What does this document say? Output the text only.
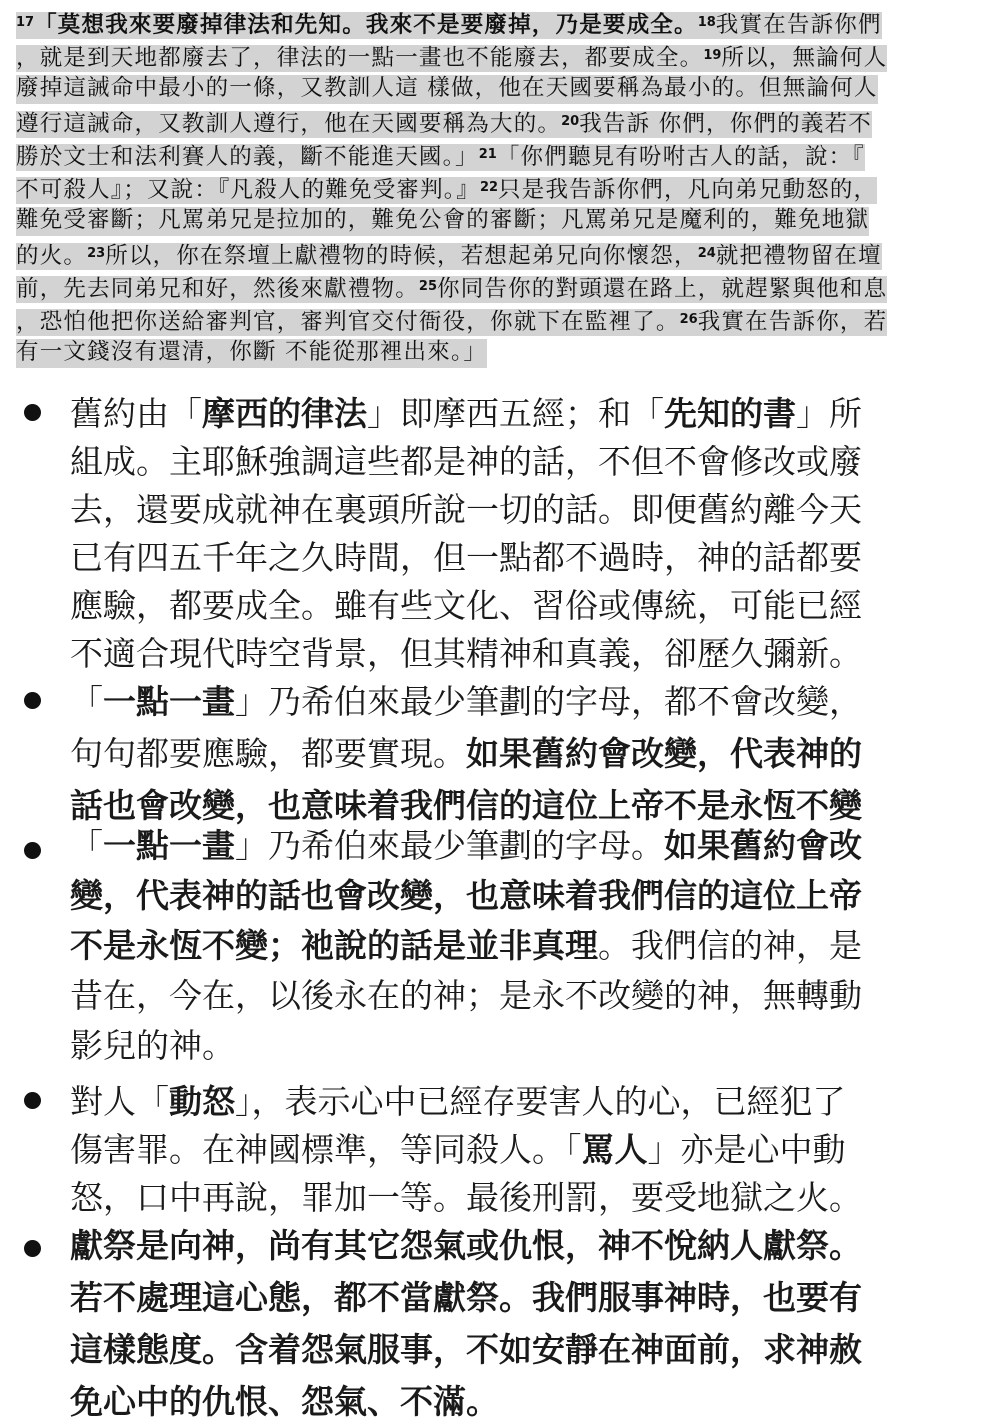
$^{17}$「莫想我來要廢掉律法和先知。我來不是要廢掉，乃是要成全。$^{18}$我實在告訴你們
，就是到天地都廢去了，律法的一點一畫也不能廢去，都要成全。$^{19}$所以，無論何人
廢掉這誡命中最小的一條，又教訓人這 樣做，他在天國要稱為最小的。但無論何人
遵行這誡命，又教訓人遵行，他在天國要稱為大的。$^{20}$我告訴 你們，你們的義若不
勝於文士和法利賽人的義，斷不能進天國。」$^{21}$「你們聽見有吩咐古人的話，說：『
不可殺人』；又說：『凡殺人的難免受審判。』$^{22}$只是我告訴你們，凡向弟兄動怒的，
難免受審斷；凡罵弟兄是拉加的，難免公會的審斷；凡罵弟兄是魔利的，難免地獄
的火。$^{23}$所以，你在祭壇上獻禮物的時候，若想起弟兄向你懷怨，$^{24}$就把禮物留在壇
前，先去同弟兄和好，然後來獻禮物。$^{25}$你同告你的對頭還在路上，就趕緊與他和息
，恐怕他把你送給審判官，審判官交付衙役，你就下在監裡了。$^{26}$我實在告訴你，若
有一文錢沒有還清，你斷 不能從那裡出來。」
舊約由「摩西的律法」即摩西五經；和「先知的書」所
組成。主耶穌強調這些都是神的話，不但不會修改或廢
去，還要成就神在裏頭所說一切的話。即便舊約離今天
已有四五千年之久時間，但一點都不過時，神的話都要
應驗，都要成全。雖有些文化、習俗或傳統，可能已經
不適合現代時空背景，但其精神和真義，卻歷久彌新。
「一點一畫」乃希伯來最少筆劃的字母，都不會改變，
句句都要應驗，都要實現。如果舊約會改變，代表神的
話也會改變，也意味着我們信的這位上帝不是永恆不變
「一點一畫」乃希伯來最少筆劃的字母。如果舊約會改
變，代表神的話也會改變，也意味着我們信的這位上帝
不是永恆不變；祂說的話是並非真理。我們信的神，是
昔在，今在，以後永在的神；是永不改變的神，無轉動
影兒的神。
對人「動怒」，表示心中已經存要害人的心，已經犯了
傷害罪。在神國標準，等同殺人。「罵人」亦是心中動
怒，口中再說，罪加一等。最後刑罰，要受地獄之火。
獻祭是向神，尚有其它怨氣或仇恨，神不悅納人獻祭。
若不處理這心態，都不當獻祭。我們服事神時，也要有
這樣態度。含着怨氣服事，不如安靜在神面前，求神赦
免心中的仇恨、怨氣、不滿。
